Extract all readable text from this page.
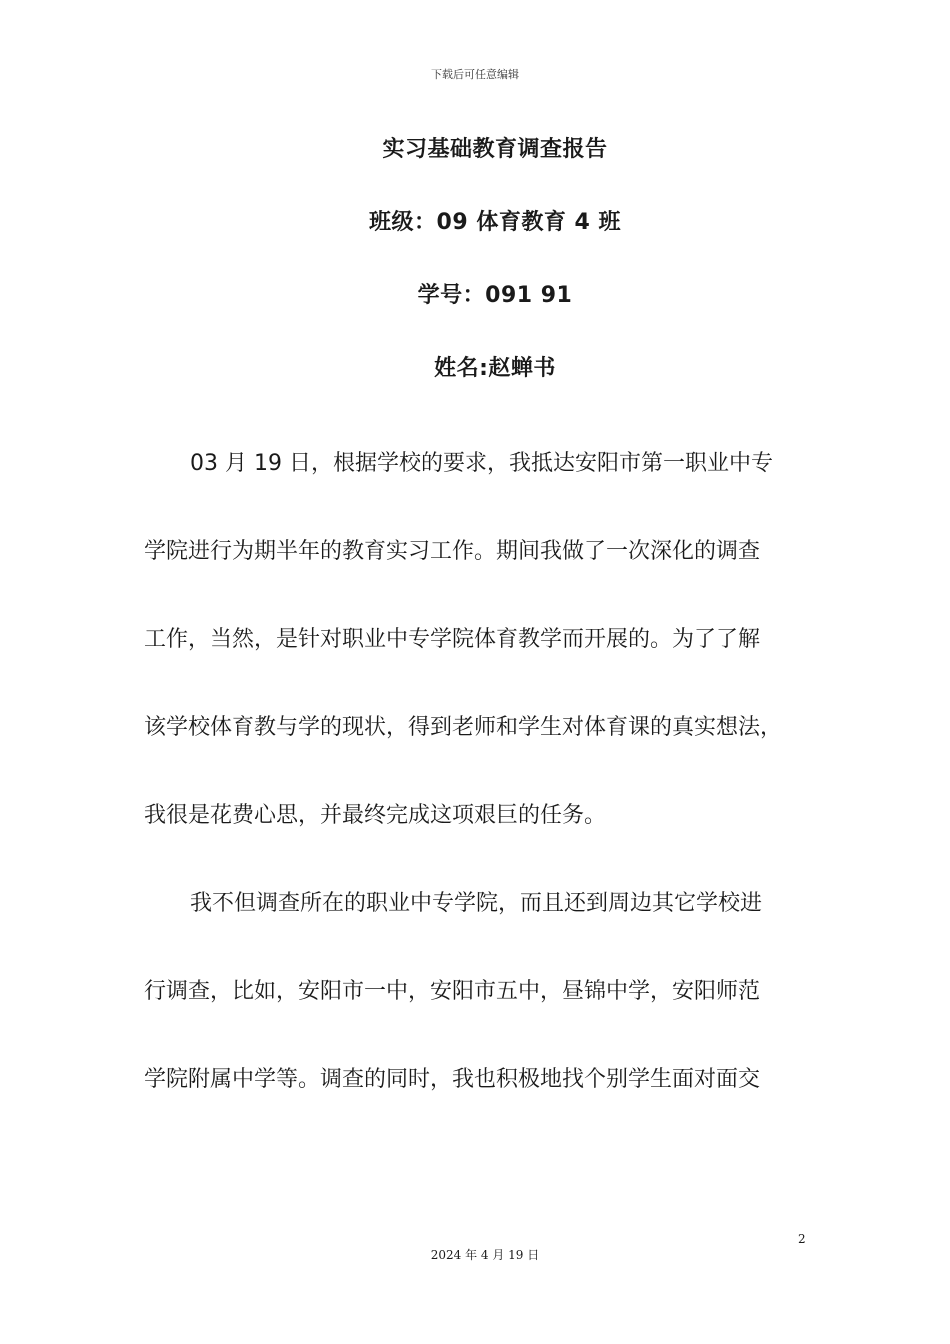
下载后可任意编辑
实习基础教育调查报告
班级：09 体育教育 4 班
学号：091 91
姓名:赵蝉书
03 月 19 日，根据学校的要求，我抵达安阳市第一职业中专
学院进行为期半年的教育实习工作。期间我做了一次深化的调查
工作，当然，是针对职业中专学院体育教学而开展的。为了了解
该学校体育教与学的现状，得到老师和学生对体育课的真实想法，
我很是花费心思，并最终完成这项艰巨的任务。
我不但调查所在的职业中专学院，而且还到周边其它学校进
行调查，比如，安阳市一中，安阳市五中，昼锦中学，安阳师范
学院附属中学等。调查的同时，我也积极地找个别学生面对面交
2
2024 年 4 月 19 日
